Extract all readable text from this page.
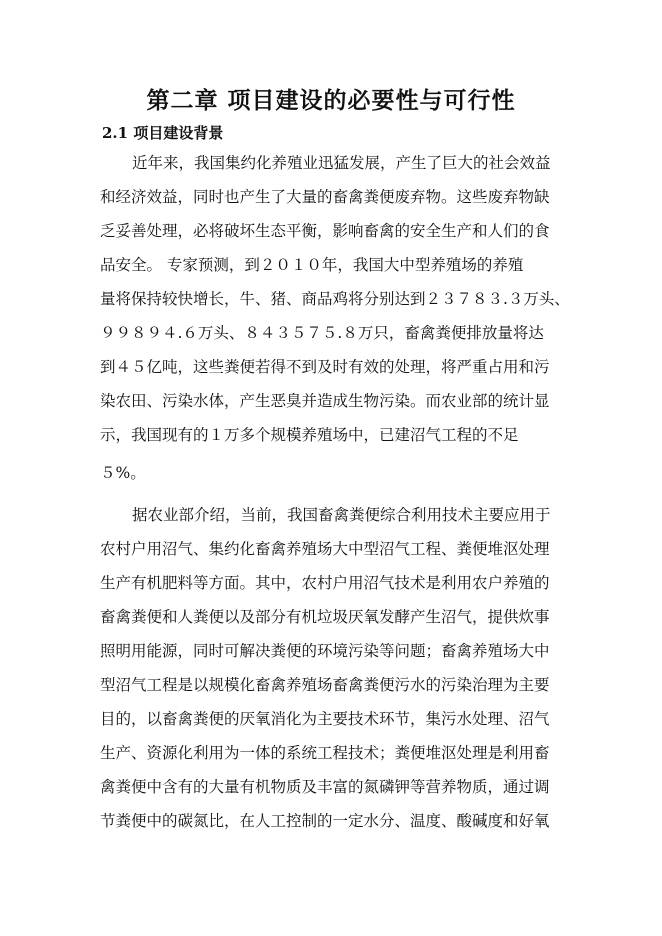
第二章 项目建设的必要性与可行性
2.1 项目建设背景
近年来，我国集约化养殖业迅猛发展，产生了巨大的社会效益
和经济效益，同时也产生了大量的畜禽粪便废弃物。这些废弃物缺
乏妥善处理，必将破坏生态平衡，影响畜禽的安全生产和人们的食
品安全。 专家预测，到２０１０年，我国大中型养殖场的养殖
量将保持较快增长，牛、猪、商品鸡将分别达到２３７８３.３万头、
９９８９４.６万头、８４３５７５.８万只，畜禽粪便排放量将达
到４５亿吨，这些粪便若得不到及时有效的处理，将严重占用和污
染农田、污染水体，产生恶臭并造成生物污染。而农业部的统计显
示，我国现有的１万多个规模养殖场中，已建沼气工程的不足
５%。
据农业部介绍，当前，我国畜禽粪便综合利用技术主要应用于
农村户用沼气、集约化畜禽养殖场大中型沼气工程、粪便堆沤处理
生产有机肥料等方面。其中，农村户用沼气技术是利用农户养殖的
畜禽粪便和人粪便以及部分有机垃圾厌氧发酵产生沼气，提供炊事
照明用能源，同时可解决粪便的环境污染等问题；畜禽养殖场大中
型沼气工程是以规模化畜禽养殖场畜禽粪便污水的污染治理为主要
目的，以畜禽粪便的厌氧消化为主要技术环节，集污水处理、沼气
生产、资源化利用为一体的系统工程技术；粪便堆沤处理是利用畜
禽粪便中含有的大量有机物质及丰富的氮磷钾等营养物质，通过调
节粪便中的碳氮比，在人工控制的一定水分、温度、酸碱度和好氧
